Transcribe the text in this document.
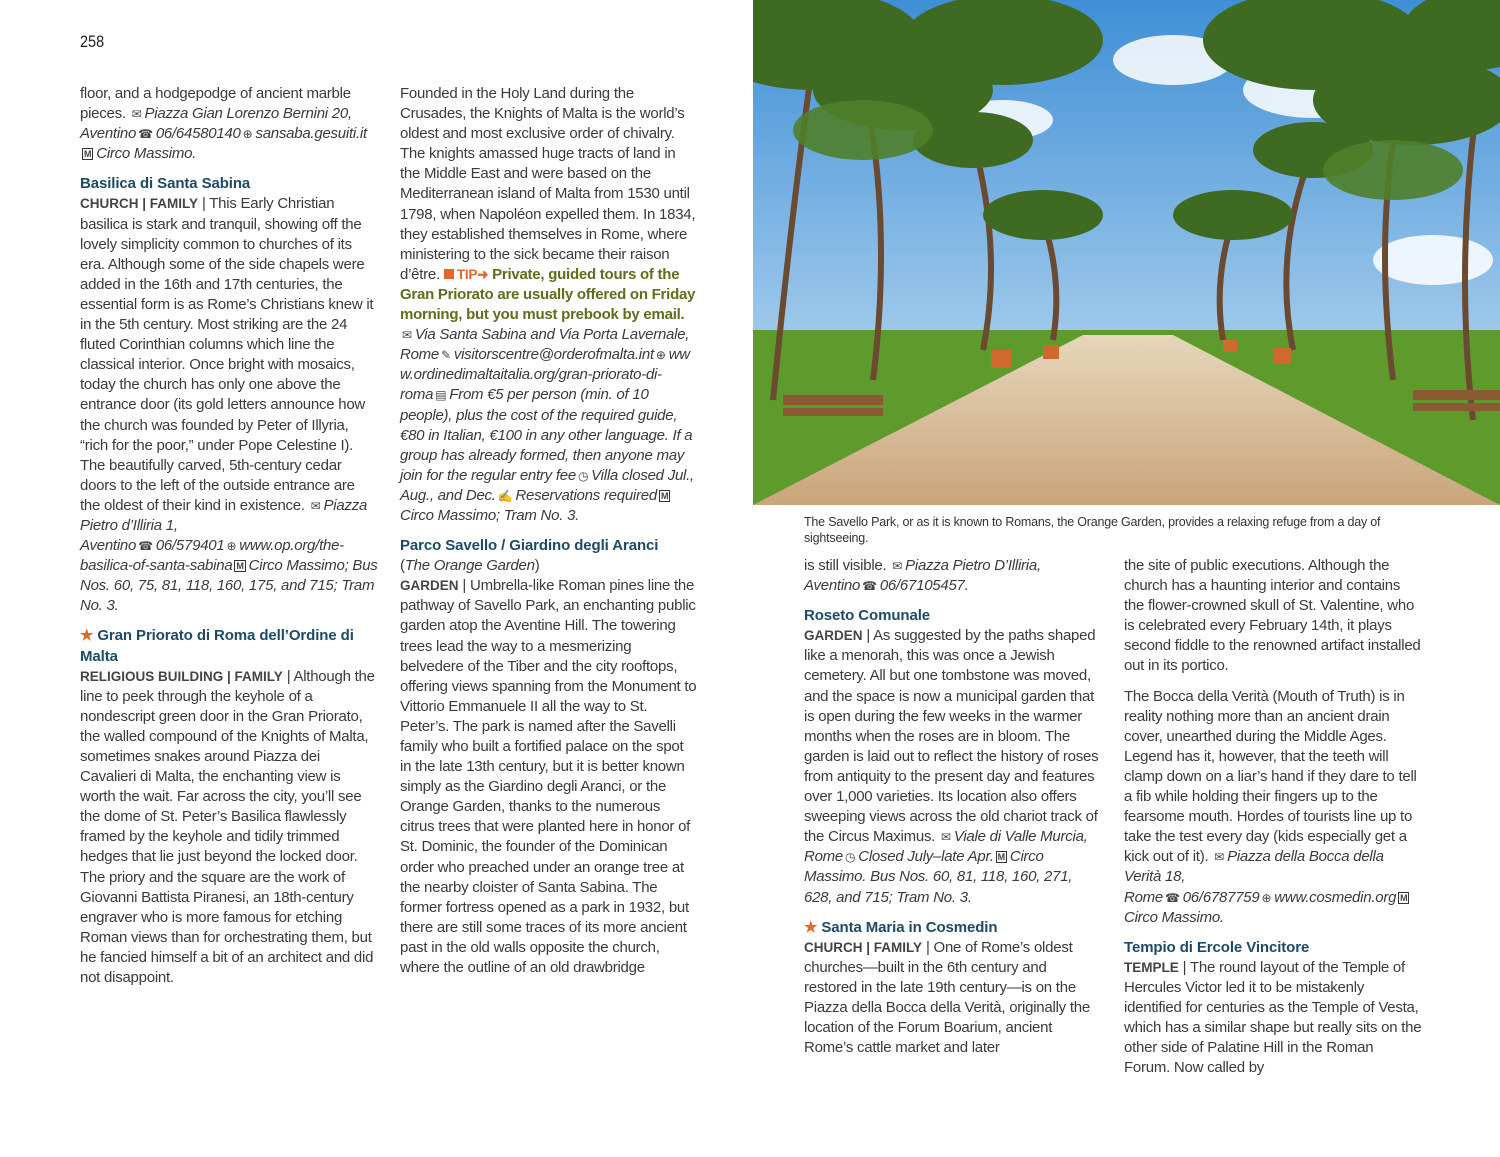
258

floor, and a hodgepodge of ancient marble pieces. ✉ Piazza Gian Lorenzo Bernini 20, Aventino ☎ 06/64580140 ⊕ sansaba.gesuiti.itM Circo Massimo.

Basilica di Santa Sabina

CHURCH | FAMILY | This Early Christian basilica is stark and tranquil, showing off the lovely simplicity common to churches of its era. Although some of the side chapels were added in the 16th and 17th centuries, the essential form is as Rome’s Christians knew it in the 5th century. Most striking are the 24 fluted Corinthian columns which line the classical interior. Once bright with mosaics, today the church has only one above the entrance door (its gold letters announce how the church was founded by Peter of Illyria, “rich for the poor,” under Pope Celestine I). The beautifully carved, 5th-century cedar doors to the left of the outside entrance are the oldest of their kind in existence. ✉ Piazza Pietro d’Illiria 1, Aventino ☎ 06/579401 ⊕ www.op.org/the-basilica-of-santa-sabina M Circo Massimo; Bus Nos. 60, 75, 81, 118, 160, 175, and 715; Tram No. 3.

★ Gran Priorato di Roma dell’Ordine di Malta

RELIGIOUS BUILDING | FAMILY | Although the line to peek through the keyhole of a nondescript green door in the Gran Priorato, the walled compound of the Knights of Malta, sometimes snakes around Piazza dei Cavalieri di Malta, the enchanting view is worth the wait. Far across the city, you’ll see the dome of St. Peter’s Basilica flawlessly framed by the keyhole and tidily trimmed hedges that lie just beyond the locked door. The priory and the square are the work of Giovanni Battista Piranesi, an 18th-century engraver who is more famous for etching Roman views than for orchestrating them, but he fancied himself a bit of an architect and did not disappoint.

Founded in the Holy Land during the Crusades, the Knights of Malta is the world’s oldest and most exclusive order of chivalry. The knights amassed huge tracts of land in the Middle East and were based on the Mediterranean island of Malta from 1530 until 1798, when Napoléon expelled them. In 1834, they established themselves in Rome, where ministering to the sick became their raison d’être. TIP➜ Private, guided tours of the Gran Priorato are usually offered on Friday morning, but you must prebook by email.✉ Via Santa Sabina and Via Porta Lavernale, Rome ✎ visitorscentre@orderofmalta.int ⊕ www.ordinedimaltaitalia.org/gran-priorato-di-roma ▤ From €5 per person (min. of 10 people), plus the cost of the required guide, €80 in Italian, €100 in any other language. If a group has already formed, then anyone may join for the regular entry fee ◷ Villa closed Jul., Aug., and Dec. ✍ Reservations required MCirco Massimo; Tram No. 3.

Parco Savello / Giardino degli Aranci

(The Orange Garden)

GARDEN | Umbrella-like Roman pines line the pathway of Savello Park, an enchanting public garden atop the Aventine Hill. The towering trees lead the way to a mesmerizing belvedere of the Tiber and the city rooftops, offering views spanning from the Monument to Vittorio Emmanuele II all the way to St. Peter’s. The park is named after the Savelli family who built a fortified palace on the spot in the late 13th century, but it is better known simply as the Giardino degli Aranci, or the Orange Garden, thanks to the numerous citrus trees that were planted here in honor of St. Dominic, the founder of the Dominican order who preached under an orange tree at the nearby cloister of Santa Sabina. The former fortress opened as a park in 1932, but there are still some traces of its more ancient past in the old walls opposite the church, where the outline of an old drawbridge

is still visible. ✉ Piazza Pietro D’Illiria, Aventino ☎ 06/67105457.

Roseto Comunale

GARDEN | As suggested by the paths shaped like a menorah, this was once a Jewish cemetery. All but one tombstone was moved, and the space is now a municipal garden that is open during the few weeks in the warmer months when the roses are in bloom. The garden is laid out to reflect the history of roses from antiquity to the present day and features over 1,000 varieties. Its location also offers sweeping views across the old chariot track of the Circus Maximus. ✉ Viale di Valle Murcia, Rome ◷ Closed July–late Apr. M Circo Massimo. Bus Nos. 60, 81, 118, 160, 271, 628, and 715; Tram No. 3.

★ Santa Maria in Cosmedin

CHURCH | FAMILY | One of Rome’s oldest churches—built in the 6th century and restored in the late 19th century—is on the Piazza della Bocca della Verità, originally the location of the Forum Boarium, ancient Rome’s cattle market and later

the site of public executions. Although the church has a haunting interior and contains the flower-crowned skull of St. Valentine, who is celebrated every February 14th, it plays second fiddle to the renowned artifact installed out in its portico.

The Bocca della Verità (Mouth of Truth) is in reality nothing more than an ancient drain cover, unearthed during the Middle Ages. Legend has it, however, that the teeth will clamp down on a liar’s hand if they dare to tell a fib while holding their fingers up to the fearsome mouth. Hordes of tourists line up to take the test every day (kids especially get a kick out of it). ✉ Piazza della Bocca della Verità 18, Rome ☎ 06/6787759 ⊕ www.cosmedin.org MCirco Massimo.

Tempio di Ercole Vincitore

TEMPLE | The round layout of the Temple of Hercules Victor led it to be mistakenly identified for centuries as the Temple of Vesta, which has a similar shape but really sits on the other side of Palatine Hill in the Roman Forum. Now called by

The Savello Park, or as it is known to Romans, the Orange Garden, provides a relaxing refuge from a day of sightseeing.
